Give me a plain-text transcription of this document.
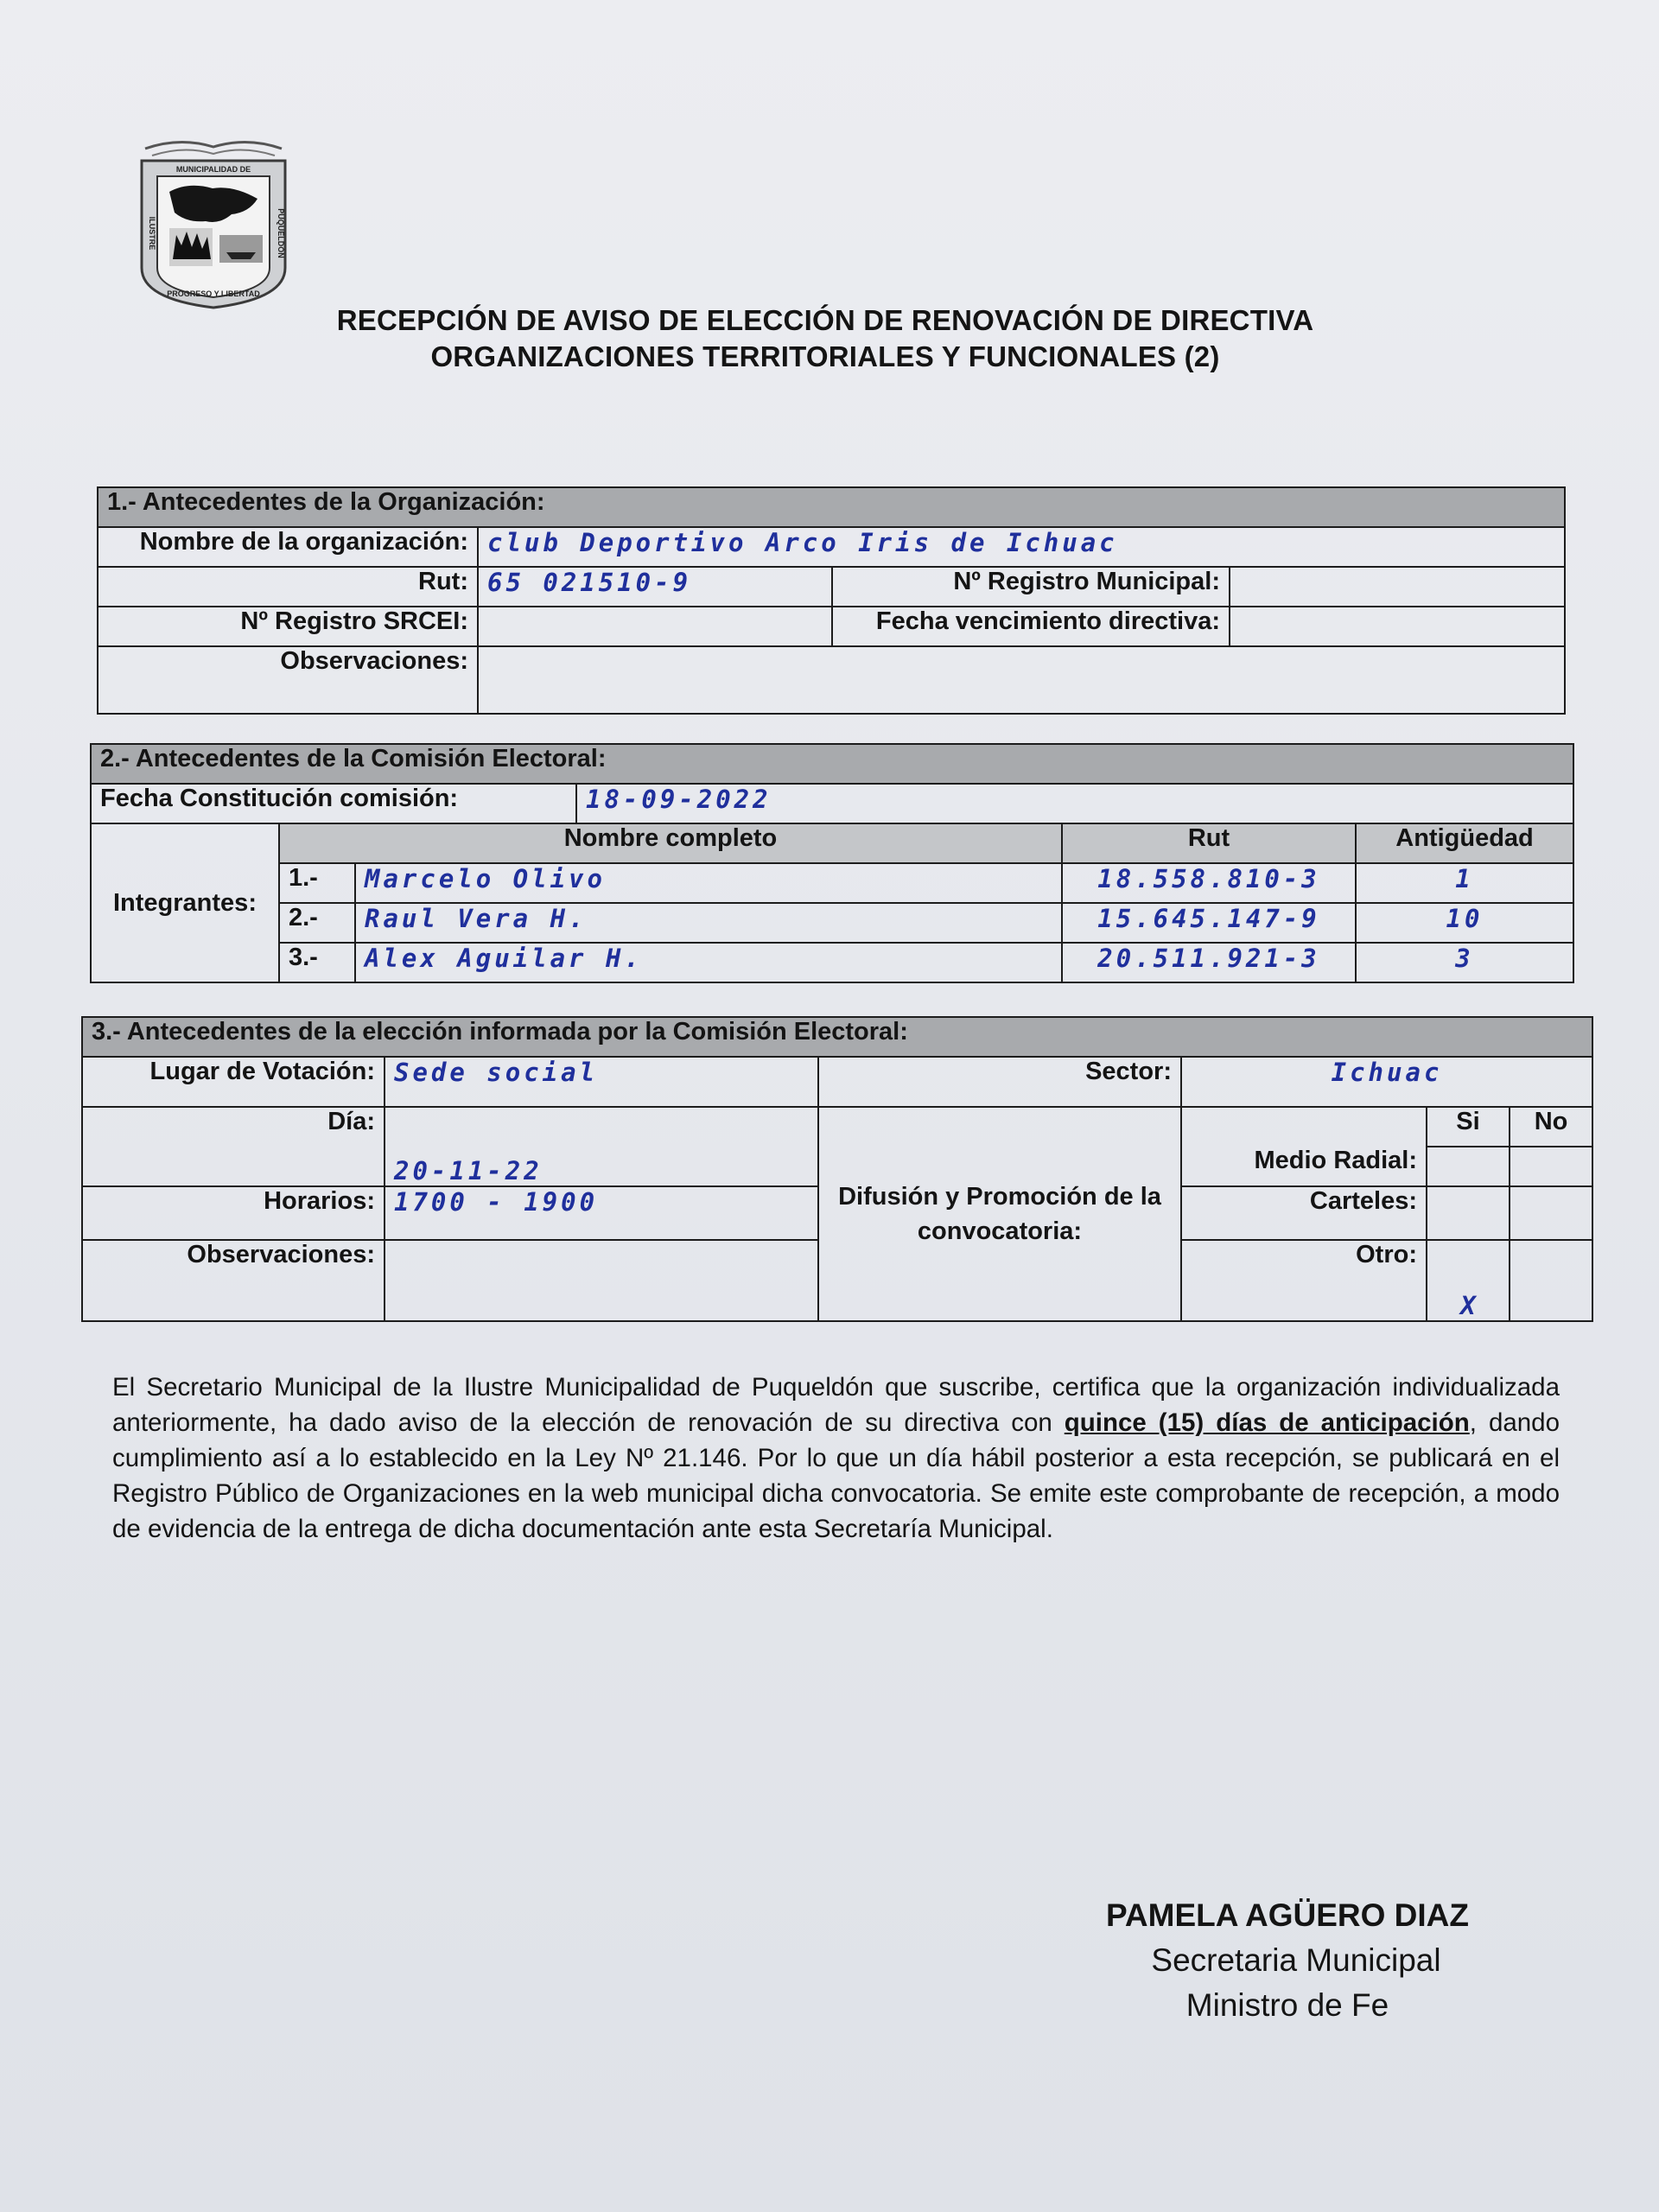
MUNICIPALIDAD DE
ILUSTRE	PUQUELDÓN
PROGRESO Y LIBERTAD
RECEPCIÓN DE AVISO DE ELECCIÓN DE RENOVACIÓN DE DIRECTIVA
ORGANIZACIONES TERRITORIALES Y FUNCIONALES (2)
1.- Antecedentes de la Organización:			
Nombre de la organización:	club Deportivo Arco Iris de Ichuac		
Rut:	65 021510-9	Nº Registro Municipal:	
Nº Registro SRCEI:		Fecha vencimiento directiva:	
Observaciones:			
2.- Antecedentes de la Comisión Electoral:					
Fecha Constitución comisión:			18-09-2022		
Integrantes:	Nombre completo			Rut	Antigüedad
	1.-	Marcelo Olivo		18.558.810-3	1
	2.-	Raul Vera H.		15.645.147-9	10
	3.-	Alex Aguilar H.		20.511.921-3	3
3.- Antecedentes de la elección informada por la Comisión Electoral:					
Lugar de Votación:	Sede social	Sector:	Ichuac		
Día:	20-11-22	Difusión y Promoción de la convocatoria:		Si	No
			Medio Radial:		
Horarios:	1700 - 1900		Carteles:		
Observaciones:			Otro:	X	
El Secretario Municipal de la Ilustre Municipalidad de Puqueldón que suscribe, certifica que la organización individualizada anteriormente, ha dado aviso de la elección de renovación de su directiva con quince (15) días de anticipación, dando cumplimiento así a lo establecido en la Ley Nº 21.146. Por lo que un día hábil posterior a esta recepción, se publicará en el Registro Público de Organizaciones en la web municipal dicha convocatoria. Se emite este comprobante de recepción, a modo de evidencia de la entrega de dicha documentación ante esta Secretaría Municipal.
PAMELA AGÜERO DIAZ
Secretaria Municipal
Ministro de Fe
